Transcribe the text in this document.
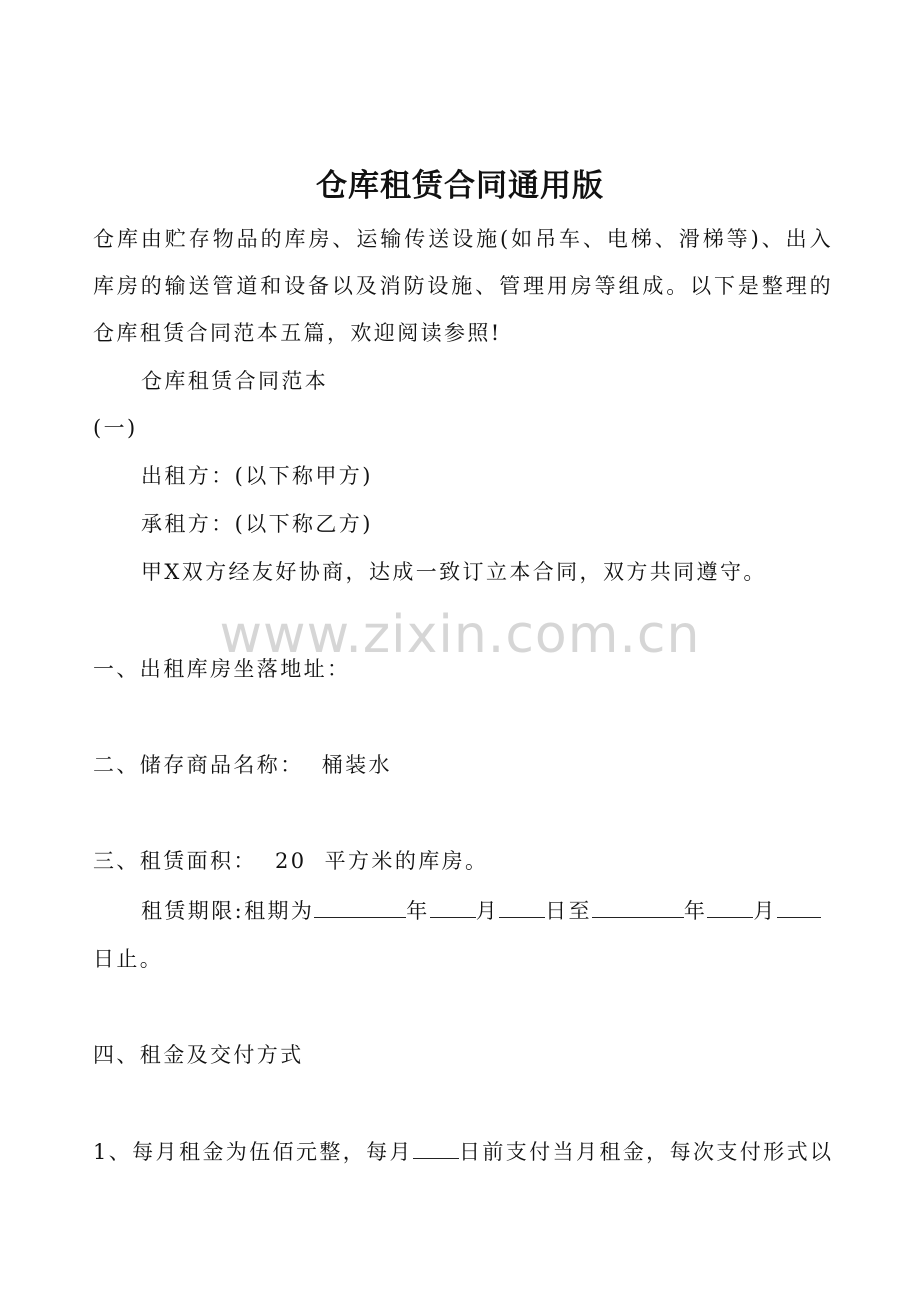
仓库租赁合同通用版
仓库由贮存物品的库房、运输传送设施(如吊车、电梯、滑梯等)、出入库房的输送管道和设备以及消防设施、管理用房等组成。以下是整理的仓库租赁合同范本五篇，欢迎阅读参照!
仓库租赁合同范本
(一)
出租方：(以下称甲方)
承租方：(以下称乙方)
甲X双方经友好协商，达成一致订立本合同，双方共同遵守。
www.zixin.com.cn
一、出租库房坐落地址：
二、储存商品名称：  桶装水
三、租赁面积：  20  平方米的库房。
租赁期限:租期为	年 月 日至	年 月
日止。
四、租金及交付方式
1、每月租金为伍佰元整，每月 日前支付当月租金，每次支付形式以
